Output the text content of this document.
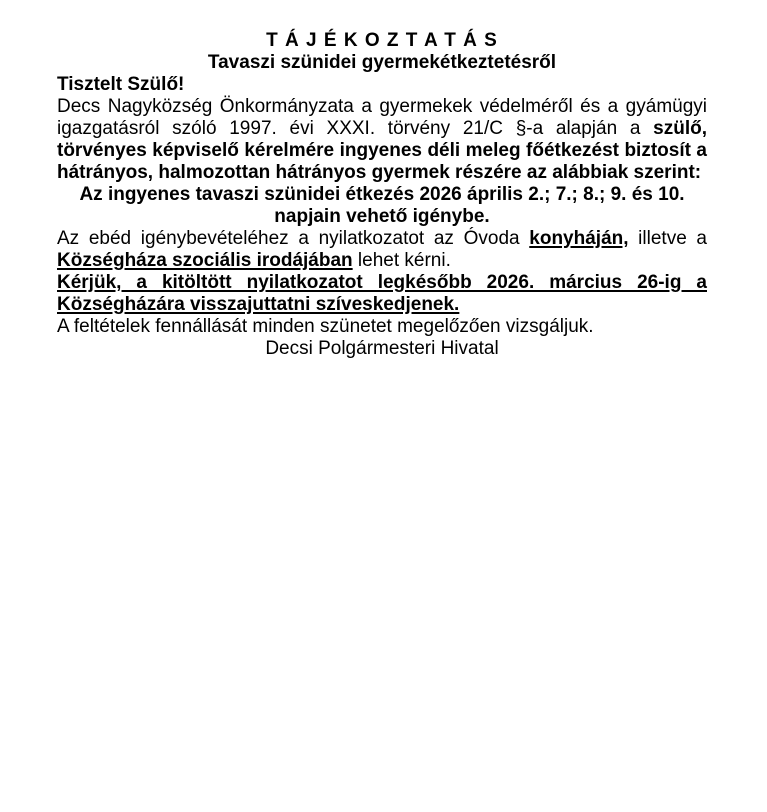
T Á J É K O Z T A T Á S

Tavaszi szünidei gyermekétkeztetésről

Tisztelt Szülő!

Decs Nagyközség Önkormányzata a gyermekek védelméről és a gyámügyi igazgatásról szóló 1997. évi XXXI. törvény 21/C §-a alapján a szülő, törvényes képviselő kérelmére ingyenes déli meleg főétkezést biztosít a hátrányos, halmozottan hátrányos gyermek részére az alábbiak szerint:

Az ingyenes tavaszi szünidei étkezés 2026 április 2.; 7.; 8.; 9. és 10.
napjain vehető igénybe.

Az ebéd igénybevételéhez a nyilatkozatot az Óvoda konyháján, illetve a Községháza szociális irodájában lehet kérni.

Kérjük, a kitöltött nyilatkozatot legkésőbb 2026. március 26-ig a Községházára visszajuttatni szíveskedjenek.

A feltételek fennállását minden szünetet megelőzően vizsgáljuk.

Decsi Polgármesteri Hivatal
